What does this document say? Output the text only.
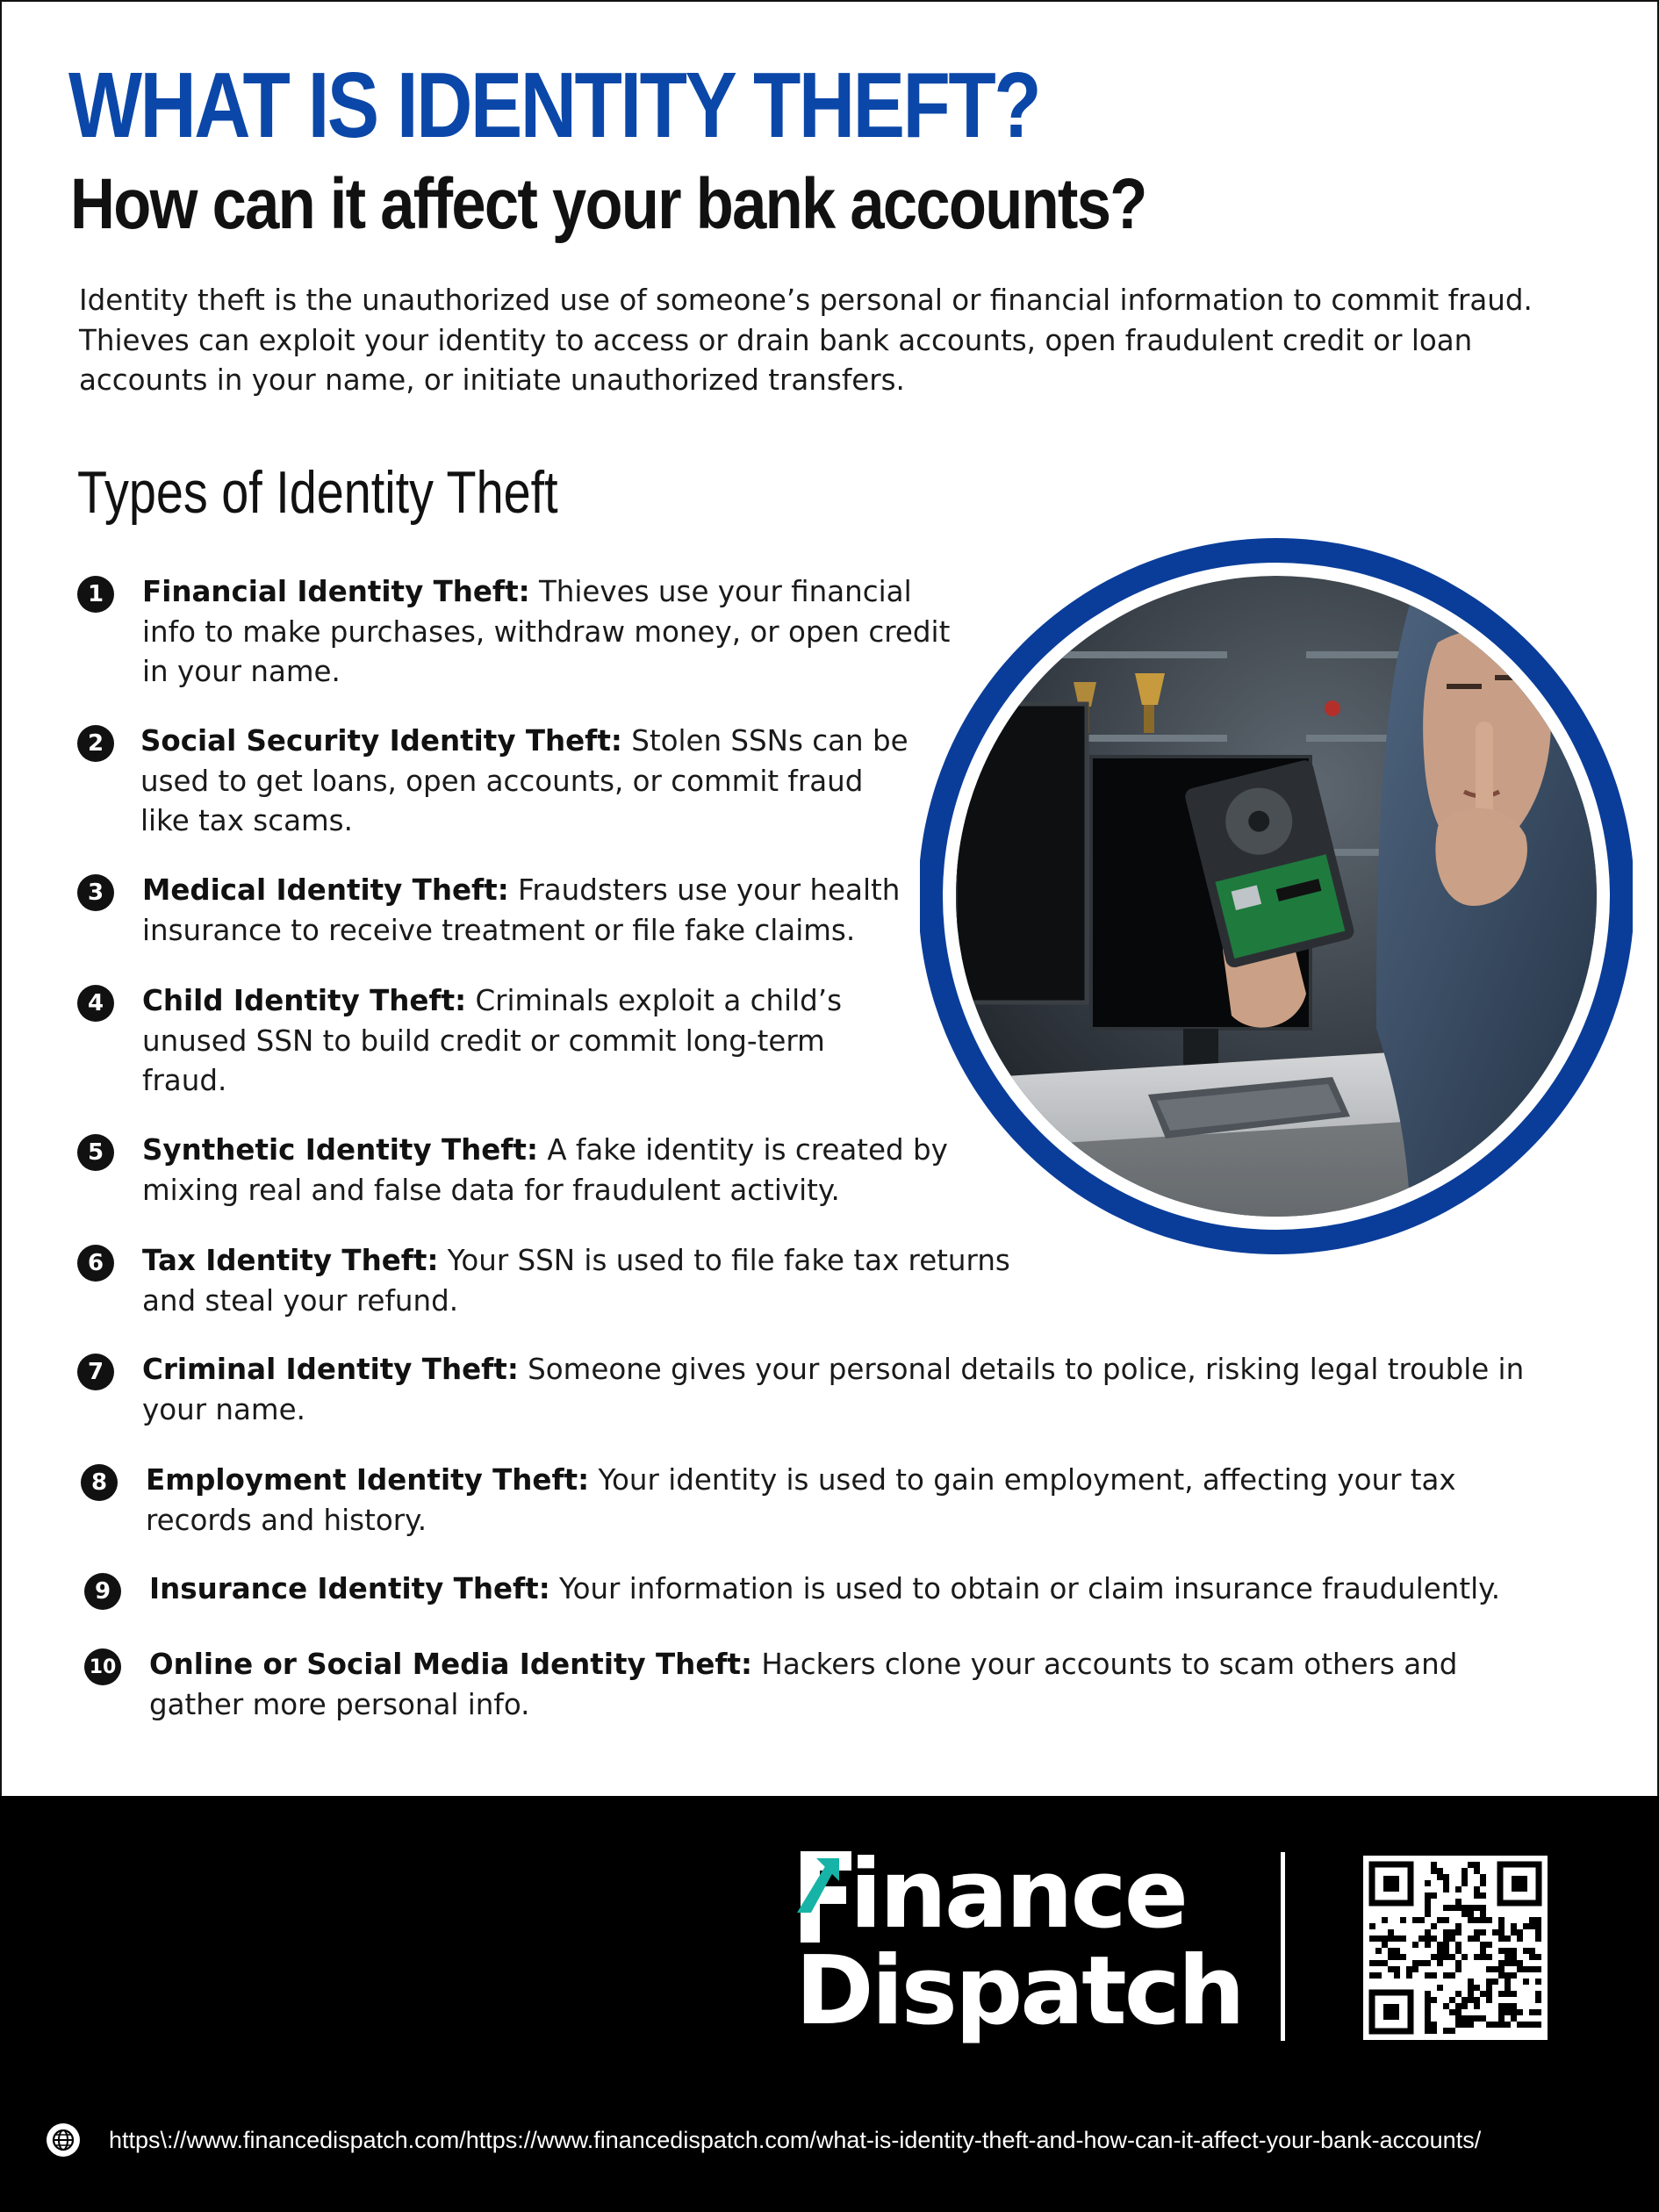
WHAT IS IDENTITY THEFT?
How can it affect your bank accounts?

Identity theft is the unauthorized use of someone’s personal or financial information to commit fraud. Thieves can exploit your identity to access or drain bank accounts, open fraudulent credit or loan accounts in your name, or initiate unauthorized transfers.

Types of Identity Theft
1	Financial Identity Theft: Thieves use your financial info to make purchases, withdraw money, or open credit in your name.
2	Social Security Identity Theft: Stolen SSNs can be used to get loans, open accounts, or commit fraud like tax scams.
3	Medical Identity Theft: Fraudsters use your health insurance to receive treatment or file fake claims.
4	Child Identity Theft: Criminals exploit a child’s unused SSN to build credit or commit long-term fraud.
5	Synthetic Identity Theft: A fake identity is created by mixing real and false data for fraudulent activity.
6	Tax Identity Theft: Your SSN is used to file fake tax returns and steal your refund.
7	Criminal Identity Theft: Someone gives your personal details to police, risking legal trouble in your name.
8	Employment Identity Theft: Your identity is used to gain employment, affecting your tax records and history.
9	Insurance Identity Theft: Your information is used to obtain or claim insurance fraudulently.
10 Online or Social Media Identity Theft: Hackers clone your accounts to scam others and gather more personal info.
inance
Dispatch
https\://www.financedispatch.com/https://www.financedispatch.com/what-is-identity-theft-and-how-can-it-affect-your-bank-accounts/
